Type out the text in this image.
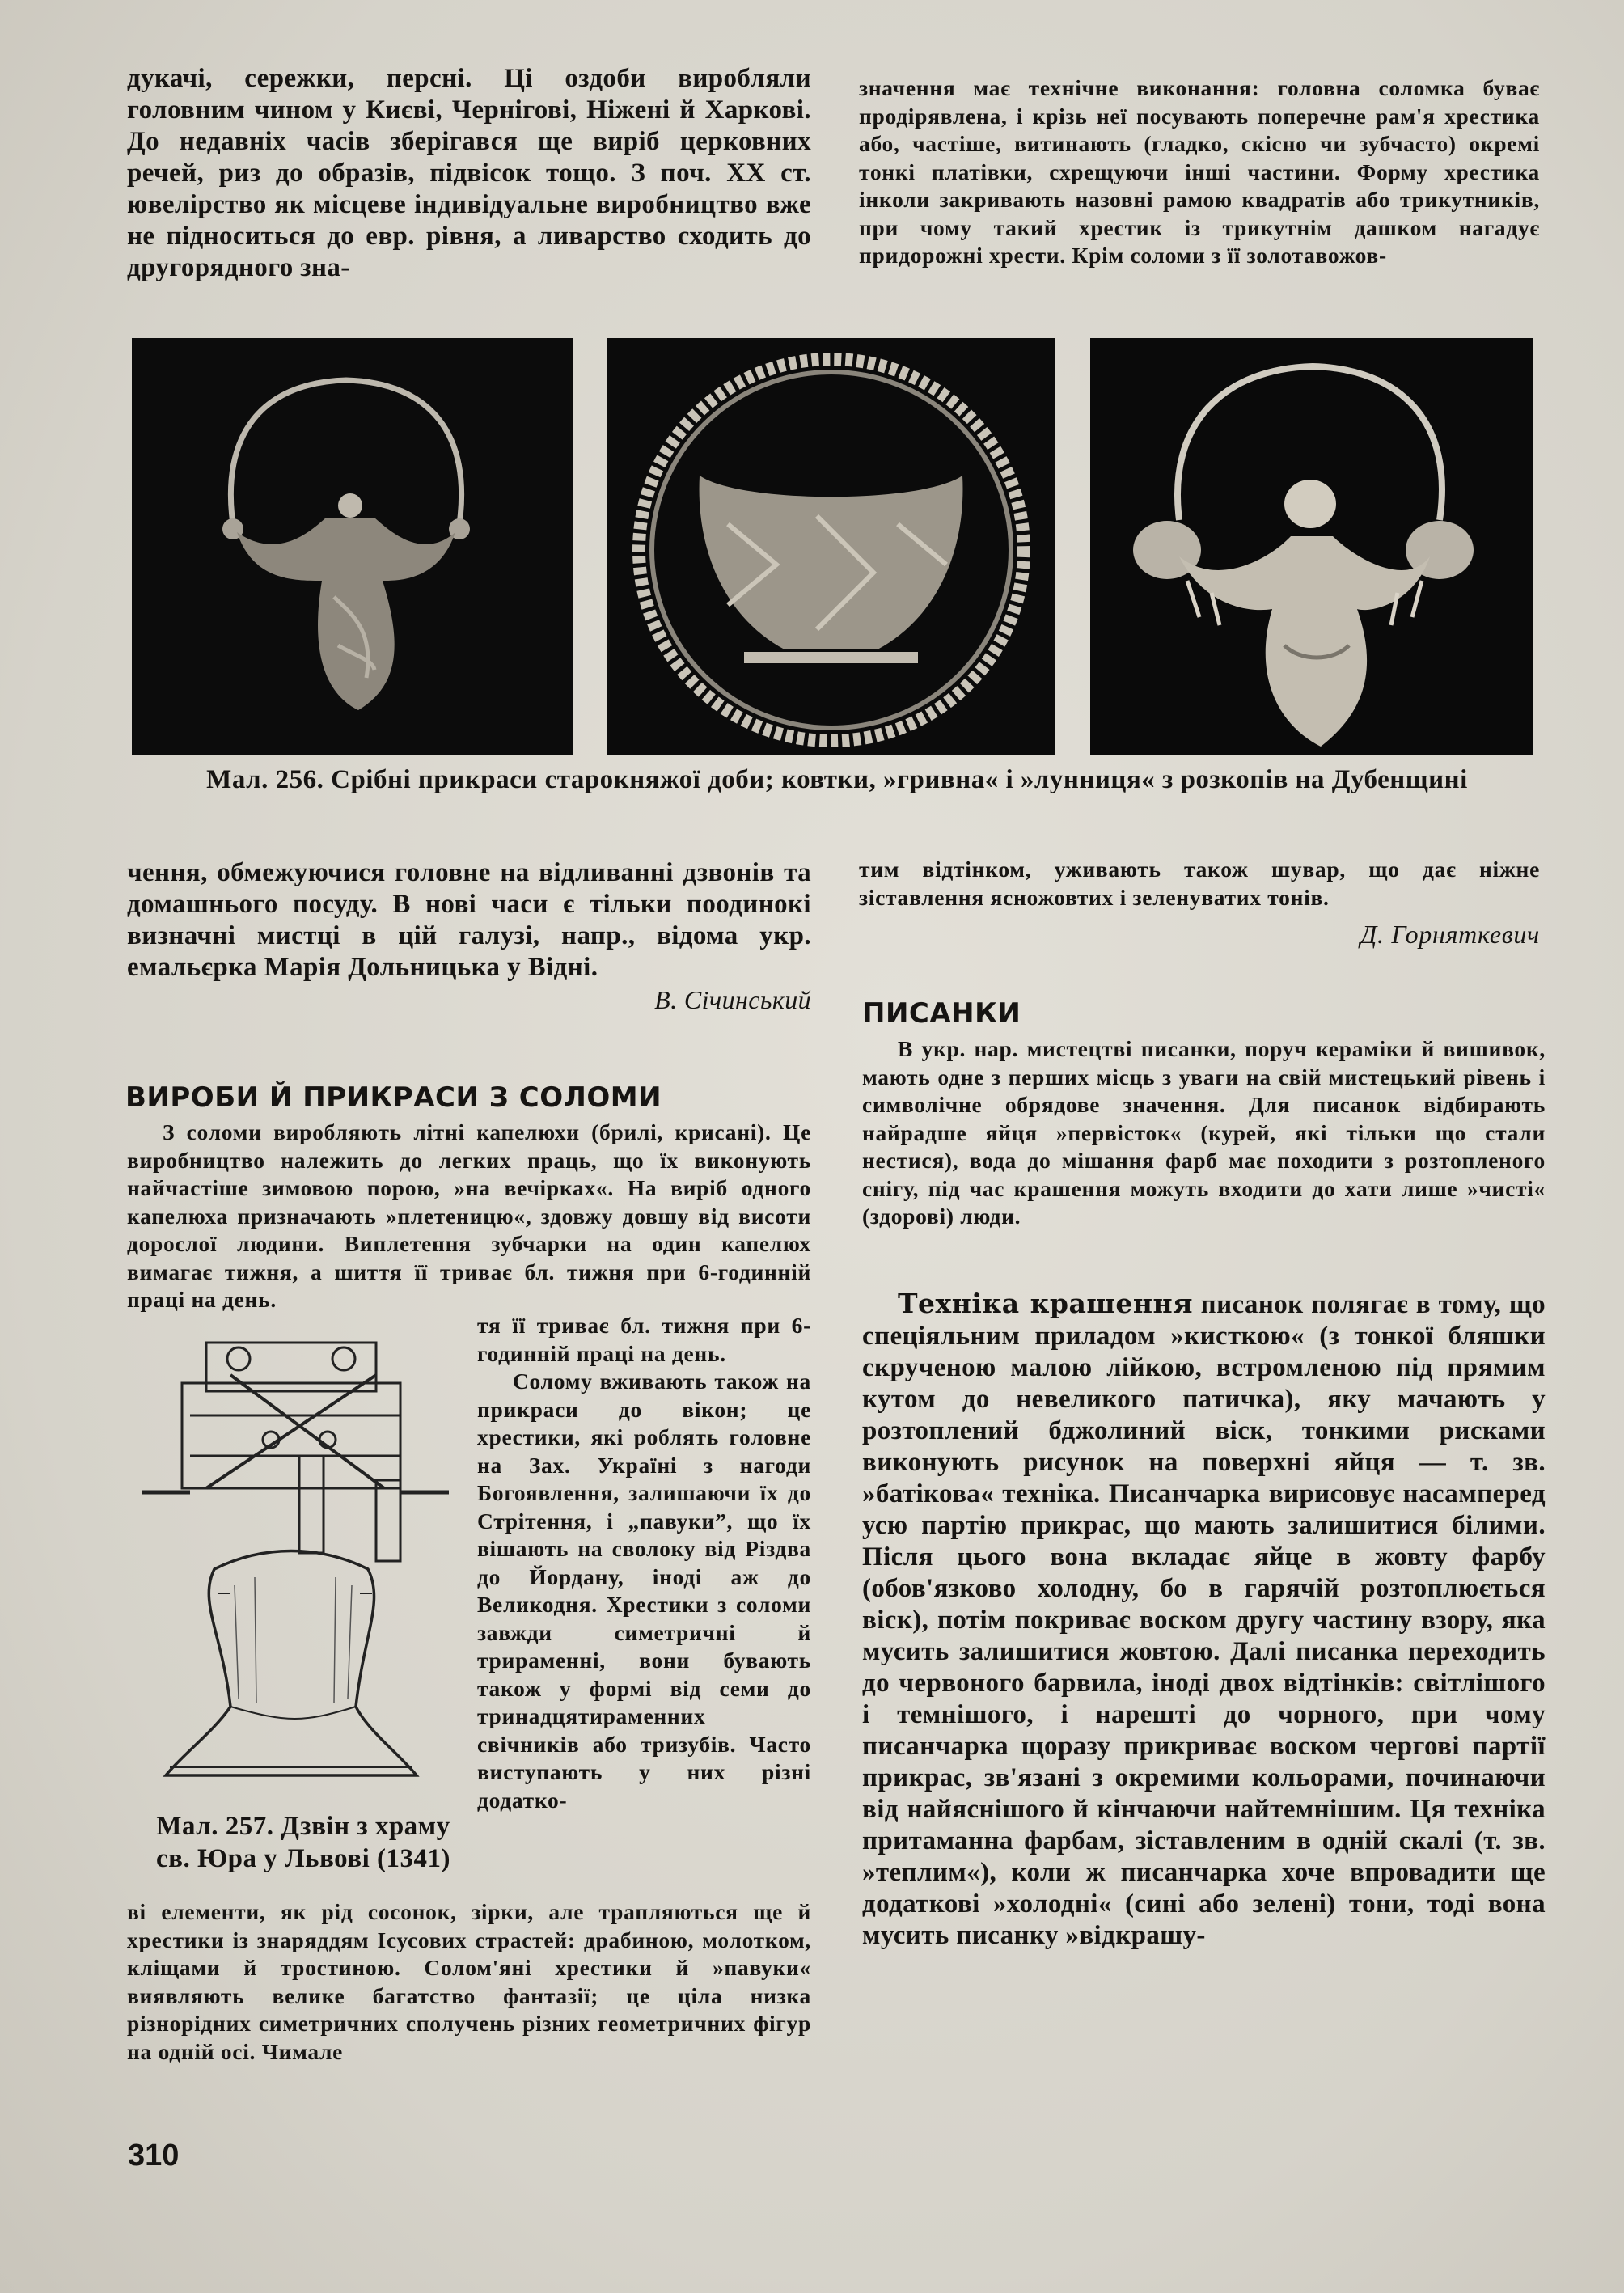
дукачі, сережки, персні. Ці оздоби виробляли головним чином у Києві, Чернігові, Ніжені й Харкові. До недавніх часів зберігався ще виріб церковних речей, риз до образів, підвісок тощо. З поч. XX ст. ювелірство як місцеве індивідуальне виробництво вже не підноситься до евр. рівня, а ливарство сходить до другорядного зна-

значення має технічне виконання: головна соломка буває продірявлена, і крізь неї посувають поперечне рам'я хрестика або, частіше, витинають (гладко, скісно чи зубчасто) окремі тонкі платівки, схрещуючи інші частини. Форму хрестика інколи закривають назовні рамою квадратів або трикутників, при чому такий хрестик із трикутнім дашком нагадує придорожні хрести. Крім соломи з її золотавожов-

Мал. 256. Срібні прикраси старокняжої доби; ковтки, »гривна« і »лунниця« з розкопів на Дубенщині

чення, обмежуючися головне на відливанні дзвонів та домашнього посуду. В нові часи є тільки поодинокі визначні мистці в цій галузі, напр., відома укр. емальєрка Марія Дольницька у Відні.

В. Січинський

тим відтінком, уживають також шувар, що дає ніжне зіставлення ясножовтих і зеленуватих тонів.

Д. Горняткевич

ВИРОБИ Й ПРИКРАСИ З СОЛОМИ

З соломи виробляють літні капелюхи (брилі, крисані). Це виробництво належить до легких праць, що їх виконують найчастіше зимовою порою, »на вечірках«. На виріб одного капелюха призначають »плетеницю«, здовжу довшу від висоти дорослої людини. Виплетення зубчарки на один капелюх вимагає тижня, а шиття її триває бл. тижня при 6-годинній праці на день.

Мал. 257. Дзвін з храму св. Юра у Львові (1341)

тя її триває бл. тижня при 6-годинній праці на день.

Солому вживають також на прикраси до вікон; це хрестики, які роблять головне на Зах. Україні з нагоди Богоявлення, залишаючи їх до Стрітення, і „павуки”, що їх вішають на сволоку від Різдва до Йордану, іноді аж до Великодня. Хрестики з соломи завжди симетричні й трираменні, вони бувають також у формі від семи до тринадцятираменних свічників або тризубів. Часто виступають у них різні додатко-

ві елементи, як рід сосонок, зірки, але трапляються ще й хрестики із знаряддям Ісусових страстей: драбиною, молотком, кліщами й тростиною. Солом'яні хрестики й »павуки« виявляють велике багатство фантазії; це ціла низка різнорідних симетричних сполучень різних геометричних фігур на одній осі. Чимале

ПИСАНКИ

В укр. нар. мистецтві писанки, поруч кераміки й вишивок, мають одне з перших місць з уваги на свій мистецький рівень і символічне обрядове значення. Для писанок відбирають найрадше яйця »первісток« (курей, які тільки що стали нестися), вода до мішання фарб має походити з розтопленого снігу, під час крашення можуть входити до хати лише »чисті« (здорові) люди.

Техніка крашення писанок полягає в тому, що спеціяльним приладом »кисткою« (з тонкої бляшки скрученою малою лійкою, встромленою під прямим кутом до невеликого патичка), яку мачають у розтоплений бджолиний віск, тонкими рисками виконують рисунок на поверхні яйця — т. зв. »батікова« техніка. Писанчарка вирисовує насамперед усю партію прикрас, що мають залишитися білими. Після цього вона вкладає яйце в жовту фарбу (обов'язково холодну, бо в гарячій розтоплюється віск), потім покриває воском другу частину взору, яка мусить залишитися жовтою. Далі писанка переходить до червоного барвила, іноді двох відтінків: світлішого і темнішого, і нарешті до чорного, при чому писанчарка щоразу прикриває воском чергові партії прикрас, зв'язані з окремими кольорами, починаючи від найяснішого й кінчаючи найтемнішим. Ця техніка притаманна фарбам, зіставленим в одній скалі (т. зв. »теплим«), коли ж писанчарка хоче впровадити ще додаткові »холодні« (сині або зелені) тони, тоді вона мусить писанку »відкрашу-

310
